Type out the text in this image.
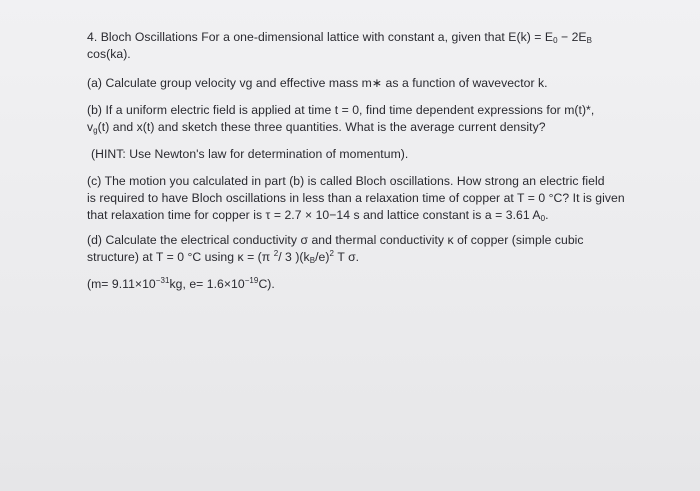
4. Bloch Oscillations For a one-dimensional lattice with constant a, given that $E(k) = E_0 - 2E_B$
cos(ka).

(a) Calculate group velocity vg and effective mass m∗ as a function of wavevector k.

(b) If a uniform electric field is applied at time t = 0, find time dependent expressions for m(t)*,
$v_g(t)$ and x(t) and sketch these three quantities. What is the average current density?

(HINT: Use Newton's law for determination of momentum).

(c) The motion you calculated in part (b) is called Bloch oscillations. How strong an electric field
is required to have Bloch oscillations in less than a relaxation time of copper at T = 0 °C? It is given
that relaxation time for copper is τ = 2.7 × 10−14 s and lattice constant is a = 3.61 $A_0$.

(d) Calculate the electrical conductivity σ and thermal conductivity κ of copper (simple cubic
structure) at T = 0 °C using κ = (π $^2$/ 3 )$(k_B/e)^2$ T σ.

($m= 9.11\times 10^{-31}kg$, $e= 1.6\times 10^{-19}C$).
